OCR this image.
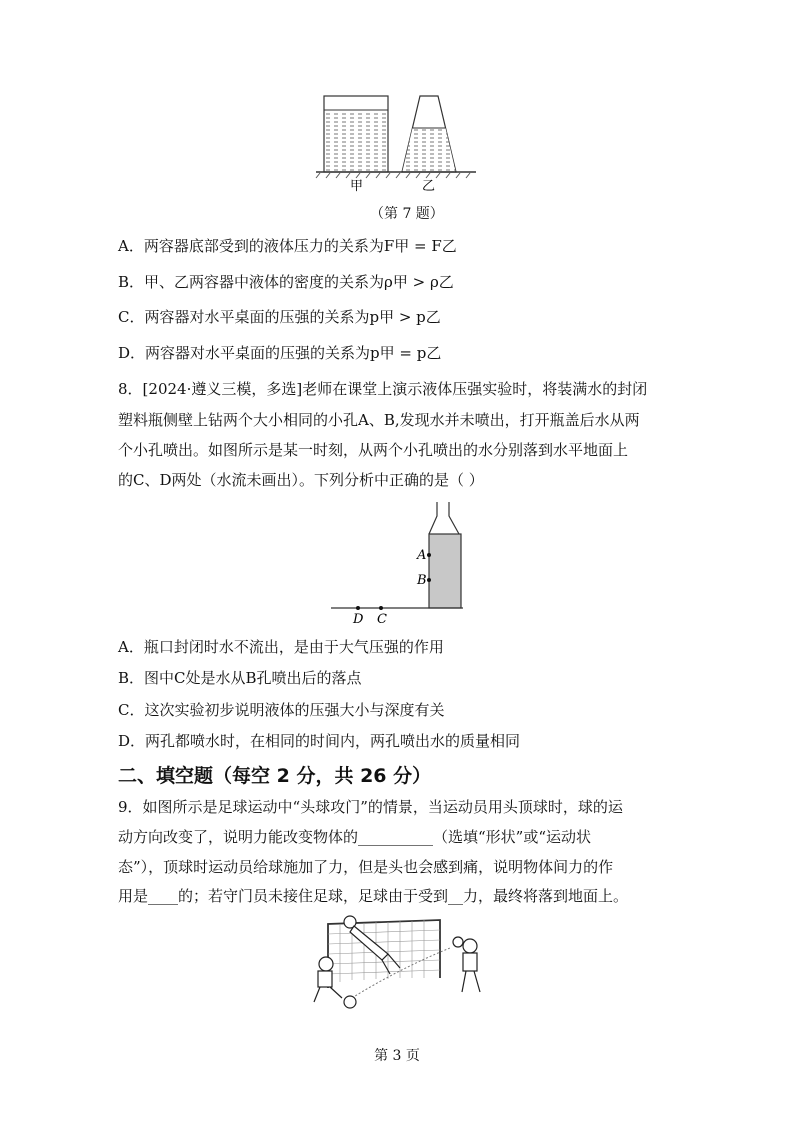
甲	乙
（第 7 题）
A．两容器底部受到的液体压力的关系为F甲 = F乙
B．甲、乙两容器中液体的密度的关系为ρ甲 > ρ乙
C．两容器对水平桌面的压强的关系为p甲 > p乙
D．两容器对水平桌面的压强的关系为p甲 = p乙
8．[2024·遵义三模，多选]老师在课堂上演示液体压强实验时，将装满水的封闭
塑料瓶侧壁上钻两个大小相同的小孔A、B,发现水并未喷出，打开瓶盖后水从两
个小孔喷出。如图所示是某一时刻，从两个小孔喷出的水分别落到水平地面上
的C、D两处（水流未画出）。下列分析中正确的是（ ）
A
B
D C
A．瓶口封闭时水不流出，是由于大气压强的作用
B．图中C处是水从B孔喷出后的落点
C．这次实验初步说明液体的压强大小与深度有关
D．两孔都喷水时，在相同的时间内，两孔喷出水的质量相同
二、填空题（每空 2 分，共 26 分）
9．如图所示是足球运动中“头球攻门”的情景，当运动员用头顶球时，球的运
动方向改变了，说明力能改变物体的__________（选填“形状”或“运动状
态”），顶球时运动员给球施加了力，但是头也会感到痛，说明物体间力的作
用是____的；若守门员未接住足球，足球由于受到__力，最终将落到地面上。
第 3 页
